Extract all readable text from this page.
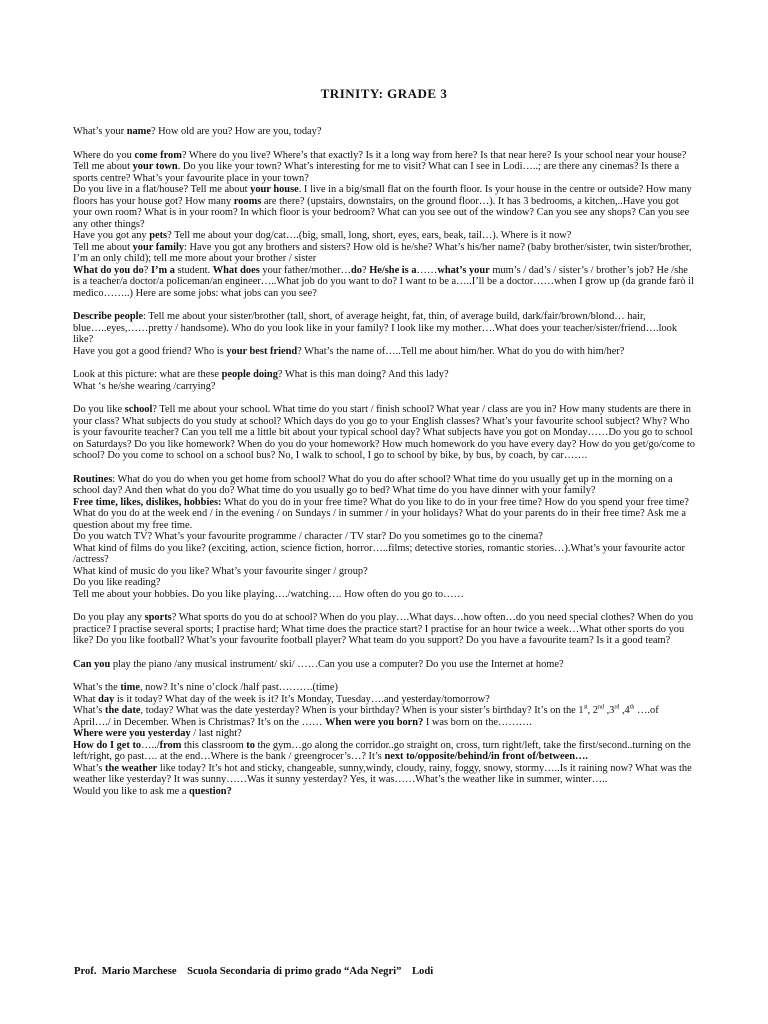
TRINITY: GRADE 3

What’s your name? How old are you? How are you, today?

Where do you come from? Where do you live? Where’s that exactly? Is it a long way from here? Is that near here? Is your school near your house?

Tell me about your town. Do you like your town? What’s interesting for me to visit? What can I see in Lodi…..; are there any cinemas? Is there a sports centre? What’s your favourite place in your town?

Do you live in a flat/house? Tell me about your house. I live in a big/small flat on the fourth floor. Is your house in the centre or outside? How many floors has your house got? How many rooms are there? (upstairs, downstairs, on the ground floor…). It has 3 bedrooms, a kitchen,..Have you got your own room? What is in your room? In which floor is your bedroom? What can you see out of the window? Can you see any shops? Can you see any other things?

Have you got any pets? Tell me about your dog/cat….(big, small, long, short, eyes, ears, beak, tail…). Where is it now?

Tell me about your family: Have you got any brothers and sisters? How old is he/she? What’s his/her name? (baby brother/sister, twin sister/brother, I’m an only child); tell me more about your brother / sister

What do you do? I’m a student. What does your father/mother…do? He/she is a……what’s your mum’s / dad’s / sister’s / brother’s job? He /she is a teacher/a doctor/a policeman/an engineer…..What job do you want to do? I want to be a…..I’ll be a doctor……when I grow up (da grande farò il medico……..) Here are some jobs: what jobs can you see?

Describe people: Tell me about your sister/brother (tall, short, of average height, fat, thin, of average build, dark/fair/brown/blond… hair, blue…..eyes,……pretty / handsome). Who do you look like in your family? I look like my mother….What does your teacher/sister/friend….look like?

Have you got a good friend? Who is your best friend? What’s the name of…..Tell me about him/her. What do you do with him/her?

Look at this picture: what are these people doing? What is this man doing? And this lady?

What ‘s he/she wearing /carrying?

Do you like school? Tell me about your school. What time do you start / finish school? What year / class are you in? How many students are there in your class? What subjects do you study at school? Which days do you go to your English classes? What’s your favourite school subject? Why? Who is your favourite teacher? Can you tell me a little bit about your typical school day? What subjects have you got on Monday……Do you go to school on Saturdays? Do you like homework? When do you do your homework? How much homework do you have every day? How do you get/go/come to school? Do you come to school on a school bus? No, I walk to school, I go to school by bike, by bus, by coach, by car…….

Routines: What do you do when you get home from school? What do you do after school? What time do you usually get up in the morning on a school day? And then what do you do? What time do you usually go to bed? What time do you have dinner with your family?

Free time, likes, dislikes, hobbies: What do you do in your free time? What do you like to do in your free time? How do you spend your free time? What do you do at the week end / in the evening / on Sundays / in summer / in your holidays? What do your parents do in their free time? Ask me a question about my free time.

Do you watch TV? What’s your favourite programme / character / TV star? Do you sometimes go to the cinema?

What kind of films do you like? (exciting, action, science fiction, horror…..films; detective stories, romantic stories…).What’s your favourite actor /actress?

What kind of music do you like? What’s your favourite singer / group?

Do you like reading?

Tell me about your hobbies. Do you like playing…./watching…. How often do you go to……

Do you play any sports? What sports do you do at school? When do you play….What days…how often…do you need special clothes? When do you practice? I practise several sports; I practise hard; What time does the practice start? I practise for an hour twice a week…What other sports do you like? Do you like football? What’s your favourite football player? What team do you support? Do you have a favourite team? Is it a good team?

Can you play the piano /any musical instrument/ ski/ ……Can you use a computer? Do you use the Internet at home?

What’s the time, now? It’s nine o’clock /half past……….(time)

What day is it today? What day of the week is it? It’s Monday, Tuesday….and yesterday/tomorrow?

What’s the date, today? What was the date yesterday? When is your birthday? When is your sister’s birthday? It’s on the 1st, 2nd ,3rd ,4th ….of April…./ in December. When is Christmas? It’s on the …… When were you born? I was born on the……….

Where were you yesterday / last night?

How do I get to…../from this classroom to the gym…go along the corridor..go straight on, cross, turn right/left, take the first/second..turning on the left/right, go past…. at the end…Where is the bank / greengrocer’s…? It’s next to/opposite/behind/in front of/between….

What’s the weather like today? It’s hot and sticky, changeable, sunny,windy, cloudy, rainy, foggy, snowy, stormy…..Is it raining now? What was the weather like yesterday? It was sunny……Was it sunny yesterday? Yes, it was……What’s the weather like in summer, winter…..

Would you like to ask me a question?

Prof.  Mario Marchese    Scuola Secondaria di primo grado “Ada Negri”    Lodi
